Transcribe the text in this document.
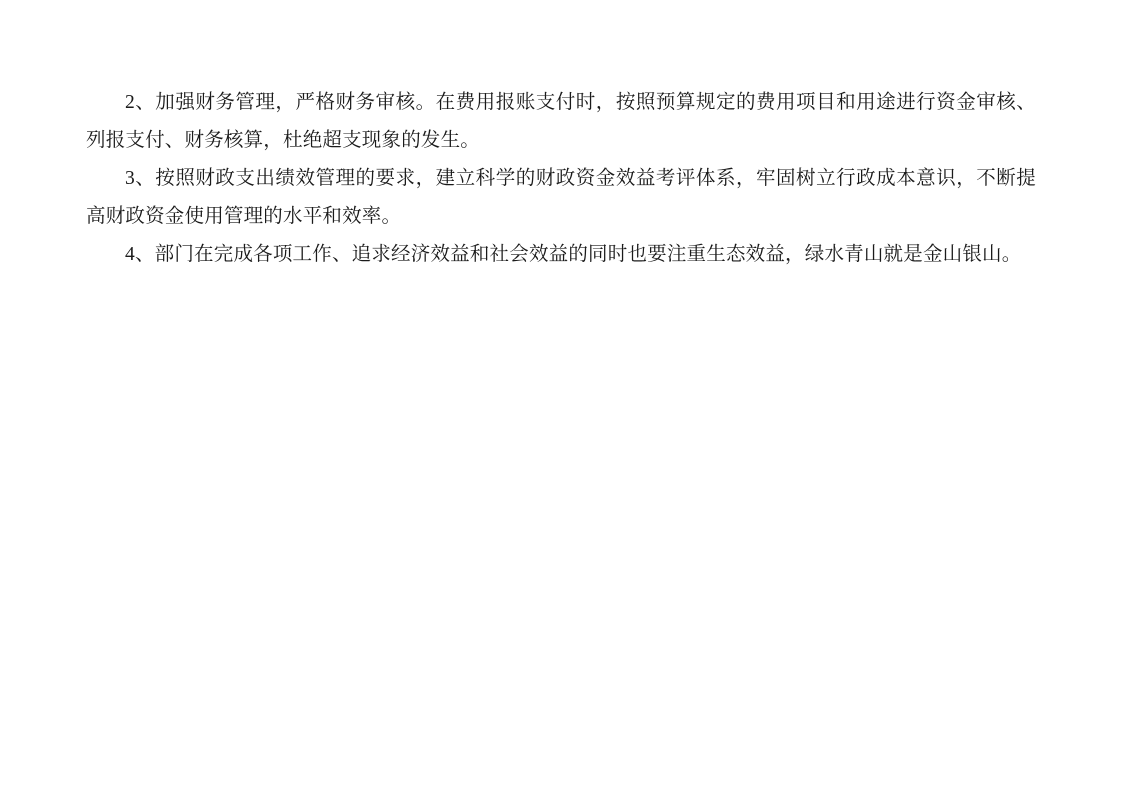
2、加强财务管理，严格财务审核。在费用报账支付时，按照预算规定的费用项目和用途进行资金审核、列报支付、财务核算，杜绝超支现象的发生。

3、按照财政支出绩效管理的要求，建立科学的财政资金效益考评体系，牢固树立行政成本意识，不断提高财政资金使用管理的水平和效率。

4、部门在完成各项工作、追求经济效益和社会效益的同时也要注重生态效益，绿水青山就是金山银山。
